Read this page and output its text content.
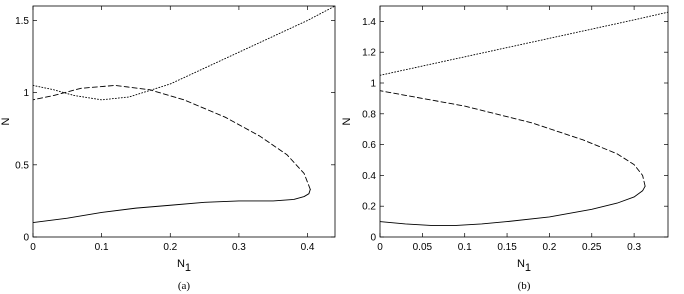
0	0.1	0.2	0.3	0.4
0
0.5
1
1.5
N1
N
(a)
0	0.05	0.1	0.15	0.2	0.25	0.3
0
0.2
0.4
0.6
0.8
1
1.2
1.4
N1
N
(b)
